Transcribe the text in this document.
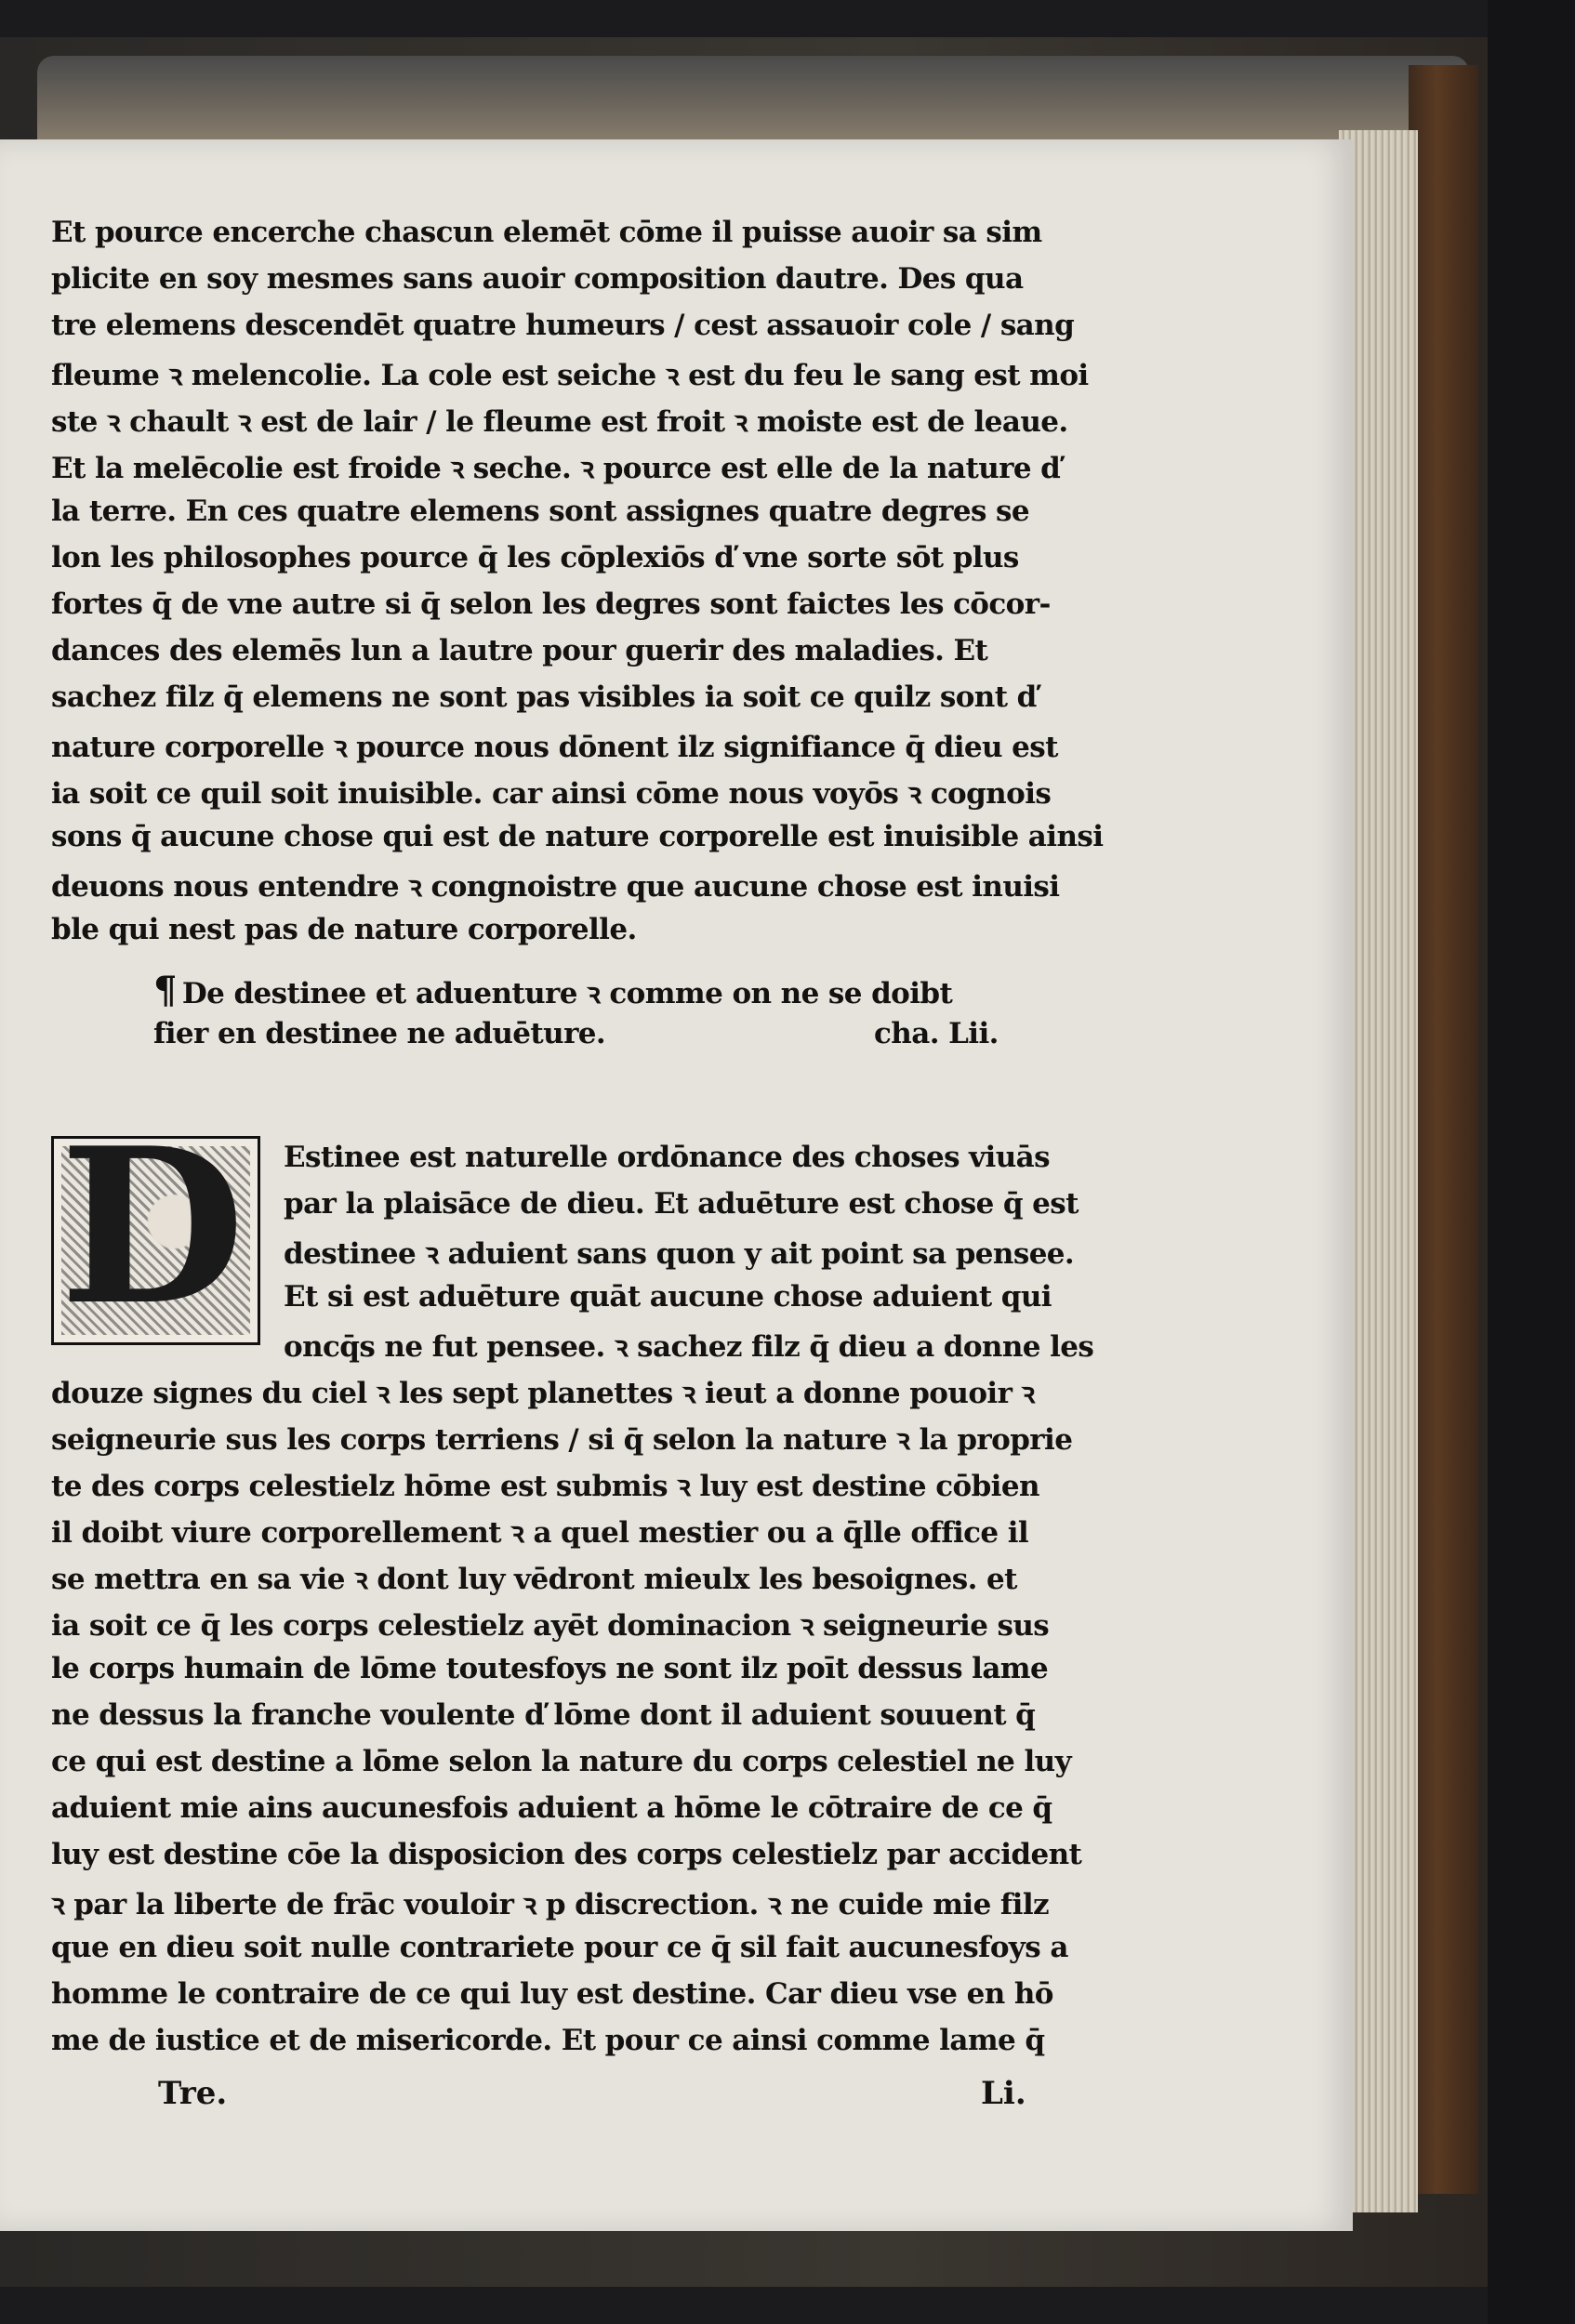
Et pource encerche chascun elemēt cōme il puisse auoir sa sim
plicite en soy mesmes sans auoir composition dautre. Des qua
tre elemens descendēt quatre humeurs / cest assauoir cole / sang
fleume ꝛ melencolie. La cole est seiche ꝛ est du feu le sang est moi
ste ꝛ chault ꝛ est de lair / le fleume est froit ꝛ moiste est de leaue.
Et la melēcolie est froide ꝛ seche. ꝛ pource est elle de la nature ď
la terre. En ces quatre elemens sont assignes quatre degres se
lon les philosophes pource q̄ les cōplexiōs ď vne sorte sōt plus
fortes q̄ de vne autre si q̄ selon les degres sont faictes les cōcor-
dances des elemēs lun a lautre pour guerir des maladies. Et
sachez filz q̄ elemens ne sont pas visibles ia soit ce quilz sont ď
nature corporelle ꝛ pource nous dōnent ilz signifiance q̄ dieu est
ia soit ce quil soit inuisible. car ainsi cōme nous voyōs ꝛ cognois
sons q̄ aucune chose qui est de nature corporelle est inuisible ainsi
deuons nous entendre ꝛ congnoistre que aucune chose est inuisi
ble qui nest pas de nature corporelle.
¶ De destinee et aduenture ꝛ comme on ne se doibt
fier en destinee ne aduēture.	cha. Lii.
D Estinee est naturelle ordōnance des choses viuās
par la plaisāce de dieu. Et aduēture est chose q̄ est
destinee ꝛ aduient sans quon y ait point sa pensee.
Et si est aduēture quāt aucune chose aduient qui
oncq̄s ne fut pensee. ꝛ sachez filz q̄ dieu a donne les
douze signes du ciel ꝛ les sept planettes ꝛ ieut a donne pouoir ꝛ
seigneurie sus les corps terriens / si q̄ selon la nature ꝛ la proprie
te des corps celestielz hōme est submis ꝛ luy est destine cōbien
il doibt viure corporellement ꝛ a quel mestier ou a q̄lle office il
se mettra en sa vie ꝛ dont luy vēdront mieulx les besoignes. et
ia soit ce q̄ les corps celestielz ayēt dominacion ꝛ seigneurie sus
le corps humain de lōme toutesfoys ne sont ilz poīt dessus lame
ne dessus la franche voulente ď lōme dont il aduient souuent q̄
ce qui est destine a lōme selon la nature du corps celestiel ne luy
aduient mie ains aucunesfois aduient a hōme le cōtraire de ce q̄
luy est destine cōe la disposicion des corps celestielz par accident
ꝛ par la liberte de frāc vouloir ꝛ p discrection. ꝛ ne cuide mie filz
que en dieu soit nulle contrariete pour ce q̄ sil fait aucunesfoys a
homme le contraire de ce qui luy est destine. Car dieu vse en hō
me de iustice et de misericorde. Et pour ce ainsi comme lame q̄
Tre.	Li.
